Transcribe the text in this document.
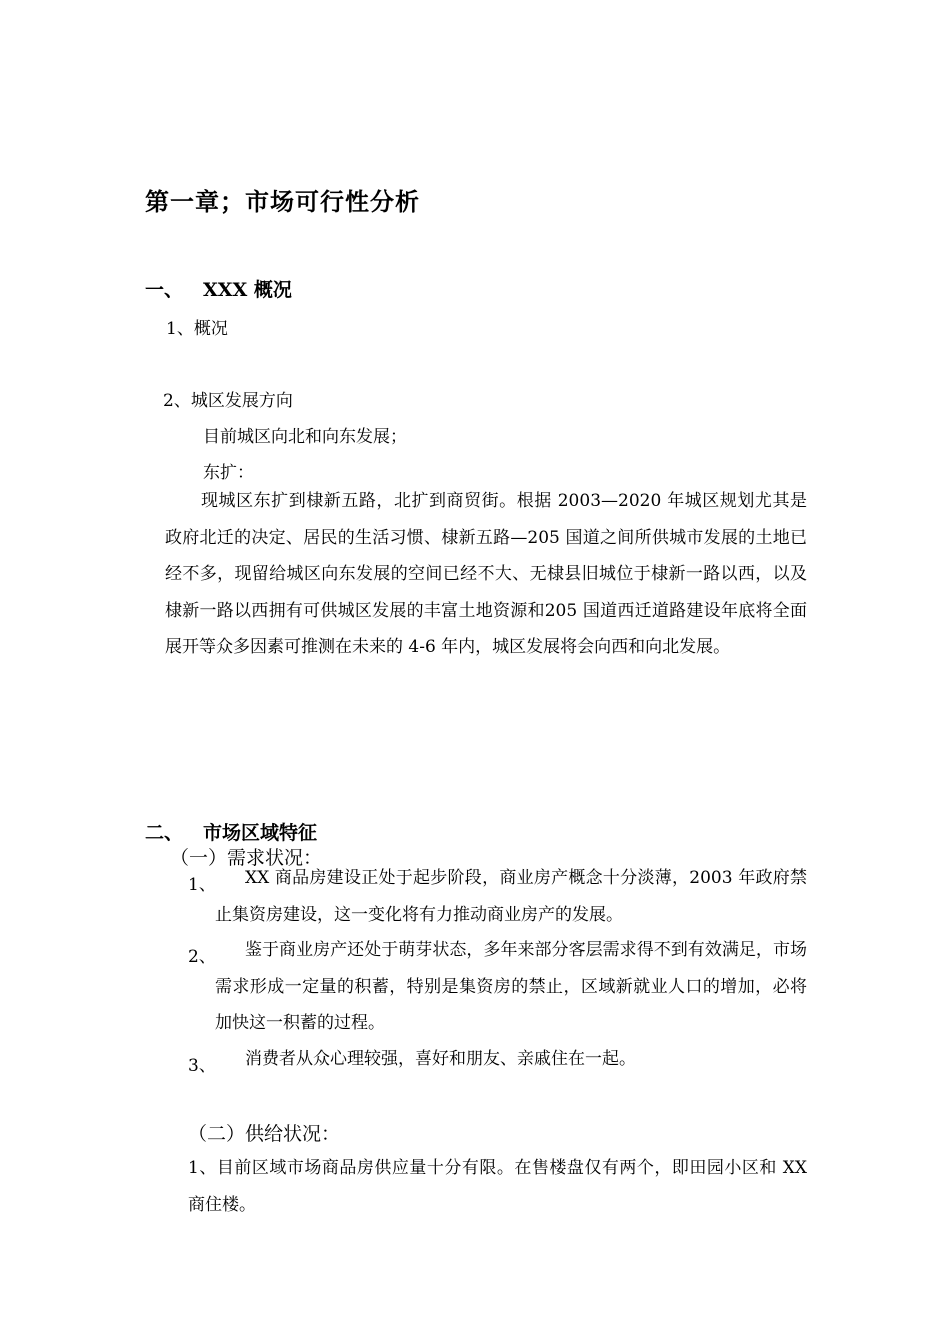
第一章；市场可行性分析
一、 XXX 概况
1、概况
2、城区发展方向
目前城区向北和向东发展；
东扩：
现城区东扩到棣新五路，北扩到商贸街。根据 2003—2020 年城区规划尤其是政府北迁的决定、居民的生活习惯、棣新五路—205 国道之间所供城市发展的土地已经不多，现留给城区向东发展的空间已经不大、无棣县旧城位于棣新一路以西，以及棣新一路以西拥有可供城区发展的丰富土地资源和205 国道西迁道路建设年底将全面展开等众多因素可推测在未来的 4-6 年内，城区发展将会向西和向北发展。
二、 市场区域特征
（一）需求状况：
1、	XX 商品房建设正处于起步阶段，商业房产概念十分淡薄，2003 年政府禁止集资房建设，这一变化将有力推动商业房产的发展。
2、	鉴于商业房产还处于萌芽状态，多年来部分客层需求得不到有效满足，市场需求形成一定量的积蓄，特别是集资房的禁止，区域新就业人口的增加，必将加快这一积蓄的过程。
3、	消费者从众心理较强，喜好和朋友、亲戚住在一起。
（二）供给状况：
1、目前区域市场商品房供应量十分有限。在售楼盘仅有两个，即田园小区和 XX 商住楼。
